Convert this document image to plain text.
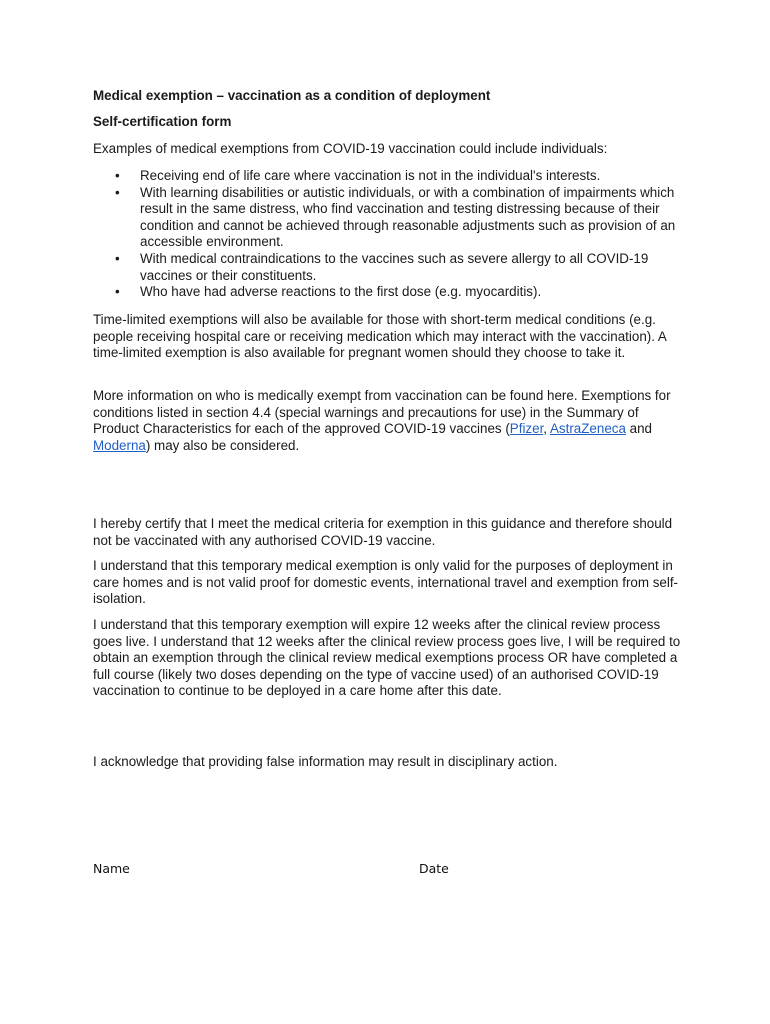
Medical exemption – vaccination as a condition of deployment

Self-certification form

Examples of medical exemptions from COVID-19 vaccination could include individuals:

• Receiving end of life care where vaccination is not in the individual's interests.
• With learning disabilities or autistic individuals, or with a combination of impairments which result in the same distress, who find vaccination and testing distressing because of their condition and cannot be achieved through reasonable adjustments such as provision of an accessible environment.
• With medical contraindications to the vaccines such as severe allergy to all COVID-19 vaccines or their constituents.
• Who have had adverse reactions to the first dose (e.g. myocarditis).

Time-limited exemptions will also be available for those with short-term medical conditions (e.g. people receiving hospital care or receiving medication which may interact with the vaccination). A time-limited exemption is also available for pregnant women should they choose to take it.

More information on who is medically exempt from vaccination can be found here. Exemptions for conditions listed in section 4.4 (special warnings and precautions for use) in the Summary of Product Characteristics for each of the approved COVID-19 vaccines (Pfizer, AstraZeneca and Moderna) may also be considered.

I hereby certify that I meet the medical criteria for exemption in this guidance and therefore should not be vaccinated with any authorised COVID-19 vaccine.

I understand that this temporary medical exemption is only valid for the purposes of deployment in care homes and is not valid proof for domestic events, international travel and exemption from self-isolation.

I understand that this temporary exemption will expire 12 weeks after the clinical review process goes live. I understand that 12 weeks after the clinical review process goes live, I will be required to obtain an exemption through the clinical review medical exemptions process OR have completed a full course (likely two doses depending on the type of vaccine used) of an authorised COVID-19 vaccination to continue to be deployed in a care home after this date.

I acknowledge that providing false information may result in disciplinary action.

Name	Date
